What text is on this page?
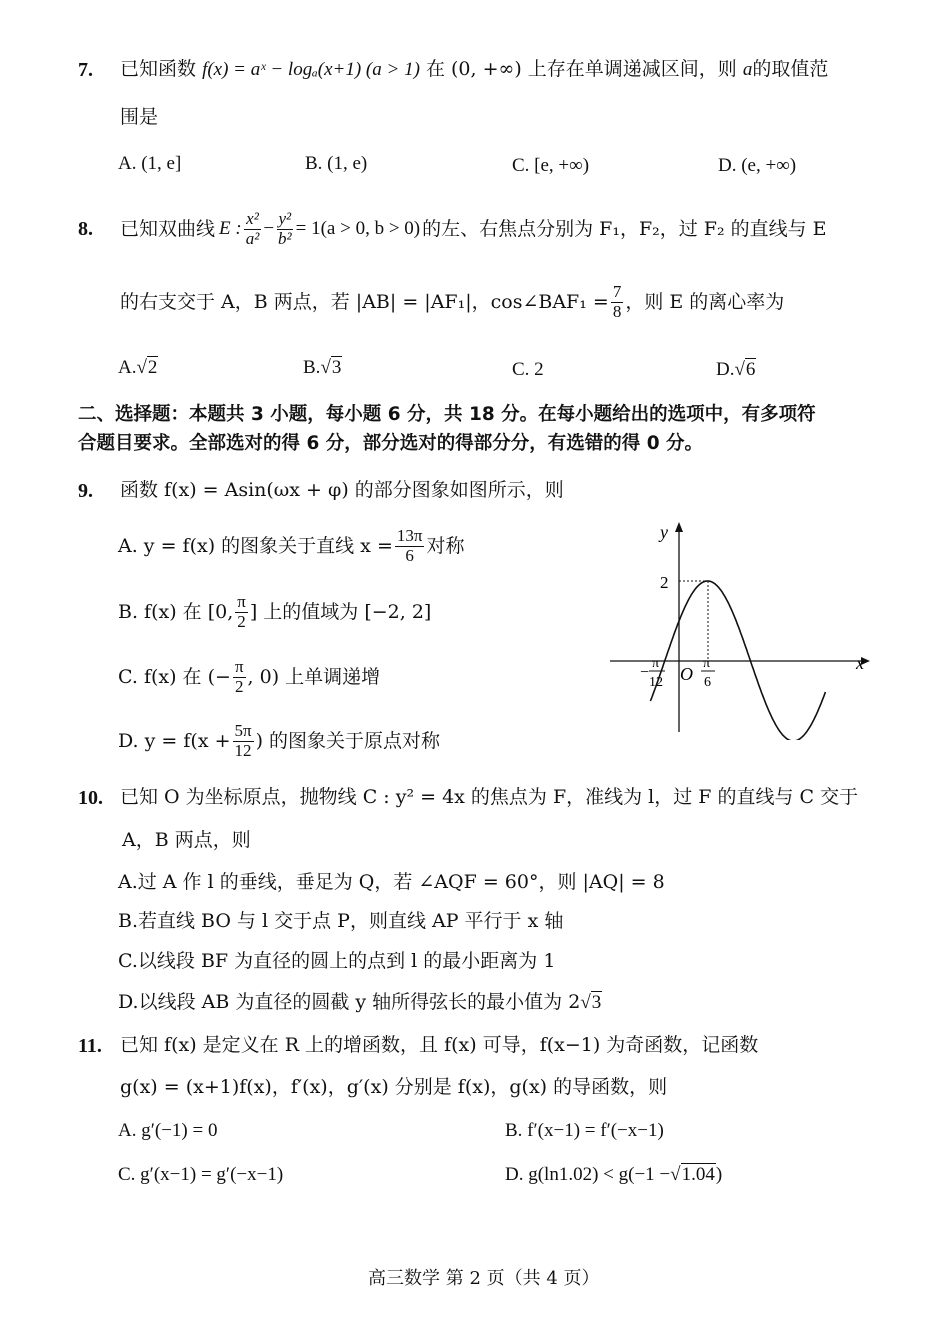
7. 已知函数 f(x) = aˣ − logₐ(x+1) (a > 1) 在 (0, +∞) 上存在单调递减区间，则 a的取值范
围是
A. (1, e]	B. (1, e)	C. [e, +∞)	D. (e, +∞)
8. 已知双曲线 E : $\frac{\text{x²}}{\text{a²}} - \frac{\text{y²}}{\text{b²}} = 1(a > 0$, b > 0) 的左、右焦点分别为 F₁，F₂，过 F₂ 的直线与 E
的右支交于 A，B 两点，若 |AB| = |AF₁|，cos∠BAF₁ = $\frac{7}{8}$ ，则 E 的离心率为
A.√2	B.√3	C. 2	D.√6
二、选择题：本题共 3 小题，每小题 6 分，共 18 分。在每小题给出的选项中，有多项符
合题目要求。全部选对的得 6 分，部分选对的得部分分，有选错的得 0 分。
9. 函数 f(x) = Asin(ωx + φ) 的部分图象如图所示，则
A. y = f(x) 的图象关于直线 $x = \frac{13\pi}{6}$ 对称
B. f(x) 在 [0, $\frac{\pi}{2}$ ] 上的值域为 [−2, 2]
C. f(x) 在 (− $\frac{\pi}{2}$ , 0) 上单调递增
D. $y = f(x + \frac{5\pi}{12}$ ) 的图象关于原点对称
y
x
O
2
−
π
12
π
6
10. 已知 O 为坐标原点，抛物线 C : y² = 4x 的焦点为 F，准线为 l，过 F 的直线与 C 交于
A，B 两点，则
A.过 A 作 l 的垂线，垂足为 Q，若 ∠AQF = 60°，则 |AQ| = 8
B.若直线 BO 与 l 交于点 P，则直线 AP 平行于 x 轴
C.以线段 BF 为直径的圆上的点到 l 的最小距离为 1
D.以线段 AB 为直径的圆截 y 轴所得弦长的最小值为 2√3
11. 已知 f(x) 是定义在 R 上的增函数，且 f(x) 可导，f(x−1) 为奇函数，记函数
g(x) = (x+1)f(x)，f′(x)，g′(x) 分别是 f(x)，g(x) 的导函数，则
A. g′(−1) = 0	B. f′(x−1) = f′(−x−1)
C. g′(x−1) = g′(−x−1)	D. g(ln1.02) < g(−1 −√1.04)
高三数学 第 2 页（共 4 页）
